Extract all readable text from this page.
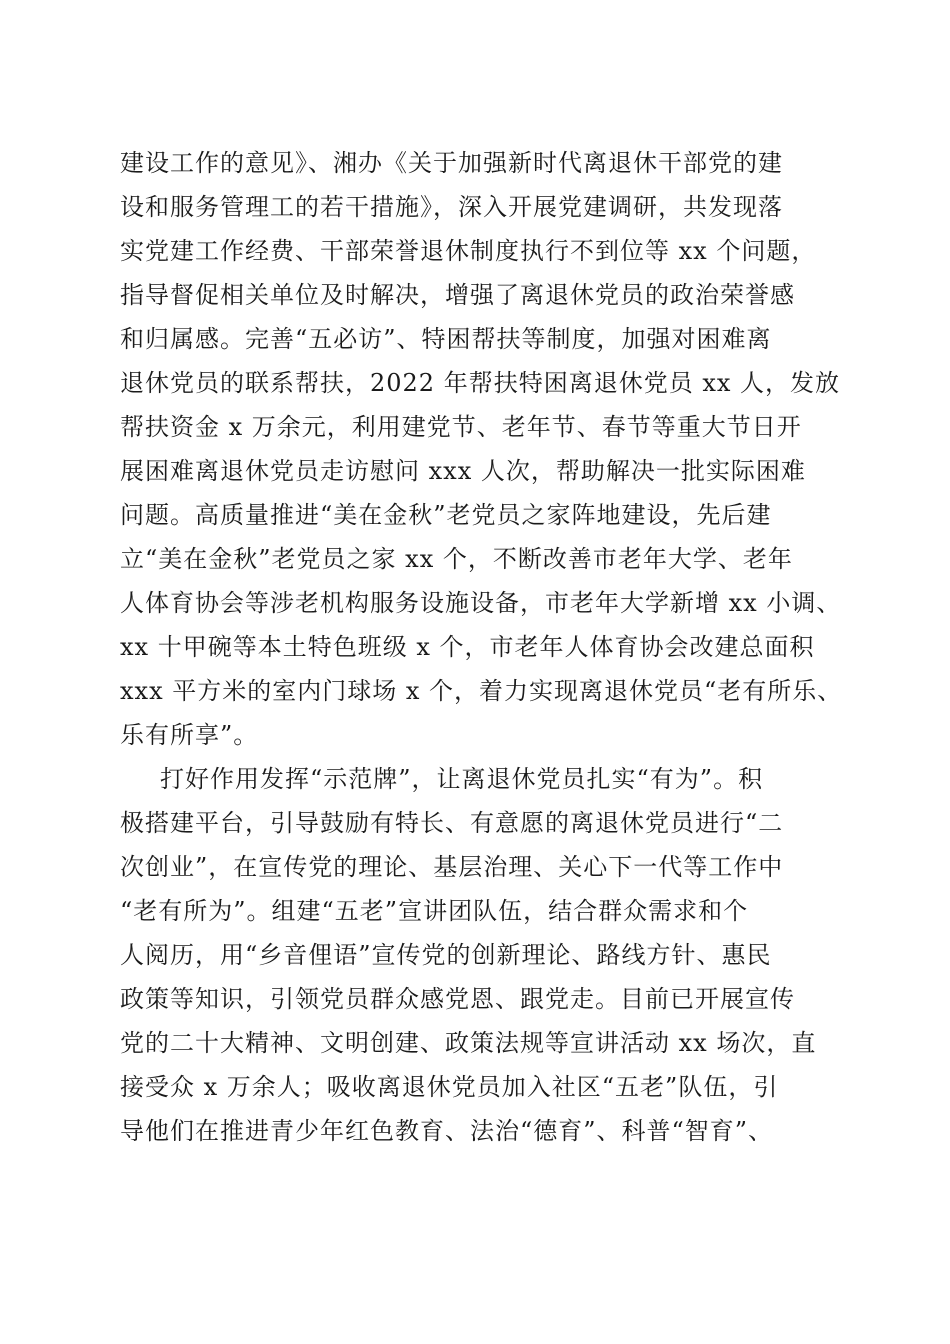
建设工作的意见》、湘办《关于加强新时代离退休干部党的建
设和服务管理工的若干措施》，深入开展党建调研，共发现落
实党建工作经费、干部荣誉退休制度执行不到位等 xx 个问题，
指导督促相关单位及时解决，增强了离退休党员的政治荣誉感
和归属感。完善“五必访”、特困帮扶等制度，加强对困难离
退休党员的联系帮扶，2022 年帮扶特困离退休党员 xx 人，发放
帮扶资金 x 万余元，利用建党节、老年节、春节等重大节日开
展困难离退休党员走访慰问 xxx 人次，帮助解决一批实际困难
问题。高质量推进“美在金秋”老党员之家阵地建设，先后建
立“美在金秋”老党员之家 xx 个，不断改善市老年大学、老年
人体育协会等涉老机构服务设施设备，市老年大学新增 xx 小调、
xx 十甲碗等本土特色班级 x 个，市老年人体育协会改建总面积
xxx 平方米的室内门球场 x 个，着力实现离退休党员“老有所乐、
乐有所享”。
打好作用发挥“示范牌”，让离退休党员扎实“有为”。积
极搭建平台，引导鼓励有特长、有意愿的离退休党员进行“二
次创业”，在宣传党的理论、基层治理、关心下一代等工作中
“老有所为”。组建“五老”宣讲团队伍，结合群众需求和个
人阅历，用“乡音俚语”宣传党的创新理论、路线方针、惠民
政策等知识，引领党员群众感党恩、跟党走。目前已开展宣传
党的二十大精神、文明创建、政策法规等宣讲活动 xx 场次，直
接受众 x 万余人；吸收离退休党员加入社区“五老”队伍，引
导他们在推进青少年红色教育、法治“德育”、科普“智育”、
